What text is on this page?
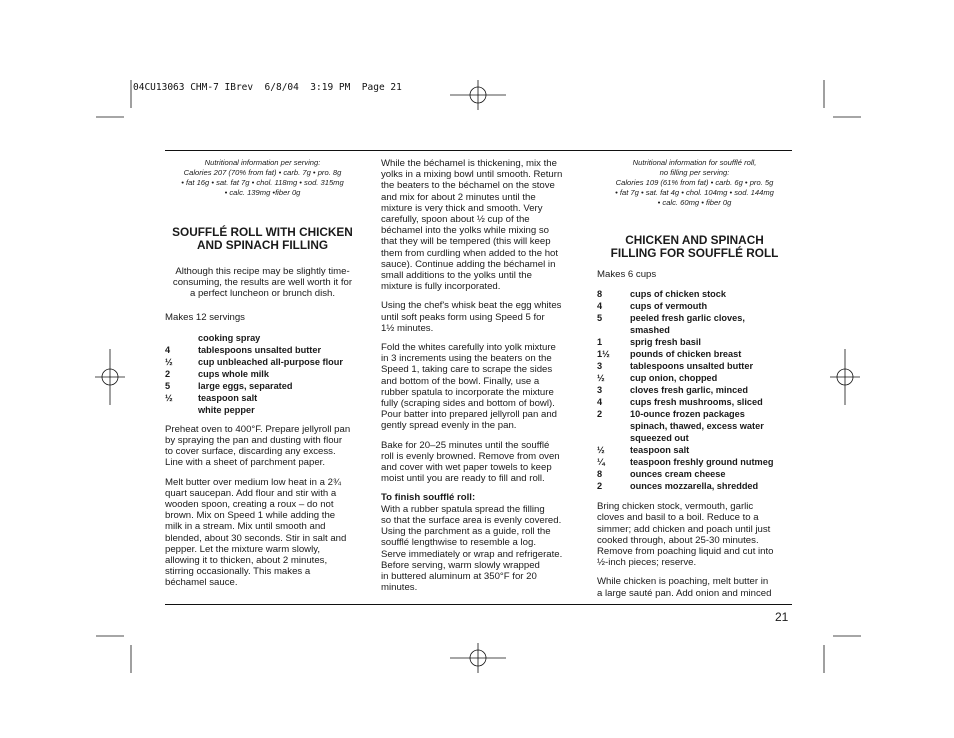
04CU13063 CHM-7 IBrev  6/8/04  3:19 PM  Page 21
Nutritional information per serving:
Calories 207 (70% from fat) • carb. 7g • pro. 8g
• fat 16g • sat. fat 7g • chol. 118mg • sod. 315mg
• calc. 139mg •fiber 0g
SOUFFLÉ ROLL WITH CHICKEN
AND SPINACH FILLING
Although this recipe may be slightly time-
consuming, the results are well worth it for
a perfect luncheon or brunch dish.
Makes 12 servings
cooking spray
4	tablespoons unsalted butter
½	cup unbleached all-purpose flour
2	cups whole milk
5	large eggs, separated
½	teaspoon salt
white pepper

Preheat oven to 400°F. Prepare jellyroll pan
by spraying the pan and dusting with flour
to cover surface, discarding any excess.
Line with a sheet of parchment paper.

Melt butter over medium low heat in a 2¾
quart saucepan. Add flour and stir with a
wooden spoon, creating a roux – do not
brown. Mix on Speed 1 while adding the
milk in a stream. Mix until smooth and
blended, about 30 seconds. Stir in salt and
pepper. Let the mixture warm slowly,
allowing it to thicken, about 2 minutes,
stirring occasionally. This makes a
béchamel sauce.

While the béchamel is thickening, mix the
yolks in a mixing bowl until smooth. Return
the beaters to the béchamel on the stove
and mix for about 2 minutes until the
mixture is very thick and smooth. Very
carefully, spoon about ½ cup of the
béchamel into the yolks while mixing so
that they will be tempered (this will keep
them from curdling when added to the hot
sauce). Continue adding the béchamel in
small additions to the yolks until the
mixture is fully incorporated.

Using the chef's whisk beat the egg whites
until soft peaks form using Speed 5 for
1½ minutes.

Fold the whites carefully into yolk mixture
in 3 increments using the beaters on the
Speed 1, taking care to scrape the sides
and bottom of the bowl. Finally, use a
rubber spatula to incorporate the mixture
fully (scraping sides and bottom of bowl).
Pour batter into prepared jellyroll pan and
gently spread evenly in the pan.

Bake for 20–25 minutes until the soufflé
roll is evenly browned. Remove from oven
and cover with wet paper towels to keep
moist until you are ready to fill and roll.

To finish soufflé roll:

With a rubber spatula spread the filling
so that the surface area is evenly covered.
Using the parchment as a guide, roll the
soufflé lengthwise to resemble a log.
Serve immediately or wrap and refrigerate.
Before serving, warm slowly wrapped
in buttered aluminum at 350°F for 20
minutes.

Nutritional information for soufflé roll,
no filling per serving:
Calories 109 (61% from fat) • carb. 6g • pro. 5g
• fat 7g • sat. fat 4g • chol. 104mg • sod. 144mg
• calc. 60mg • fiber 0g
CHICKEN AND SPINACH
FILLING FOR SOUFFLÉ ROLL
Makes 6 cups
8	cups of chicken stock
4	cups of vermouth
5	peeled fresh garlic cloves,
smashed
1	sprig fresh basil
1½	pounds of chicken breast
3	tablespoons unsalted butter
½	cup onion, chopped
3	cloves fresh garlic, minced
4	cups fresh mushrooms, sliced
2	10-ounce frozen packages
spinach, thawed, excess water
squeezed out
½	teaspoon salt
¼	teaspoon freshly ground nutmeg
8	ounces cream cheese
2	ounces mozzarella, shredded

Bring chicken stock, vermouth, garlic
cloves and basil to a boil. Reduce to a
simmer; add chicken and poach until just
cooked through, about 25-30 minutes.
Remove from poaching liquid and cut into
½-inch pieces; reserve.

While chicken is poaching, melt butter in
a large sauté pan. Add onion and minced

21
